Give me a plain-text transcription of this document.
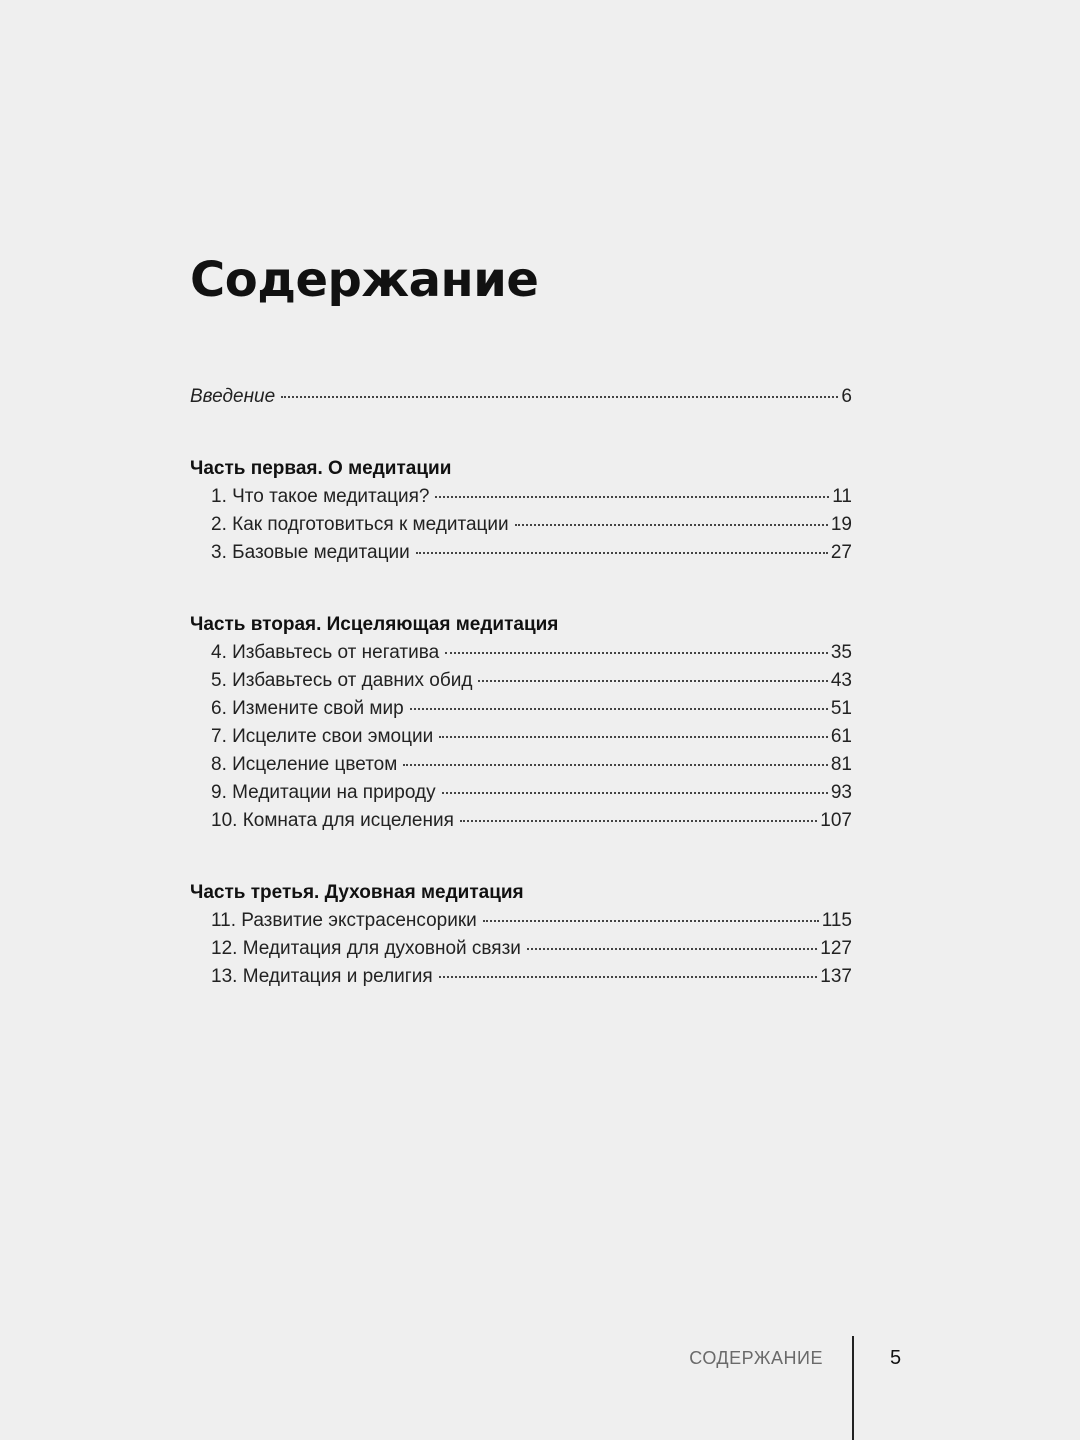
Содержание
Введение	6
Часть первая. О медитации
1. Что такое медитация?	11
2. Как подготовиться к медитации	19
3. Базовые медитации	27
Часть вторая. Исцеляющая медитация
4. Избавьтесь от негатива	35
5. Избавьтесь от давних обид	43
6. Измените свой мир	51
7. Исцелите свои эмоции	61
8. Исцеление цветом	81
9. Медитации на природу	93
10. Комната для исцеления	107
Часть третья. Духовная медитация
11. Развитие экстрасенсорики	115
12. Медитация для духовной связи	127
13. Медитация и религия	137
СОДЕРЖАНИЕ	5
